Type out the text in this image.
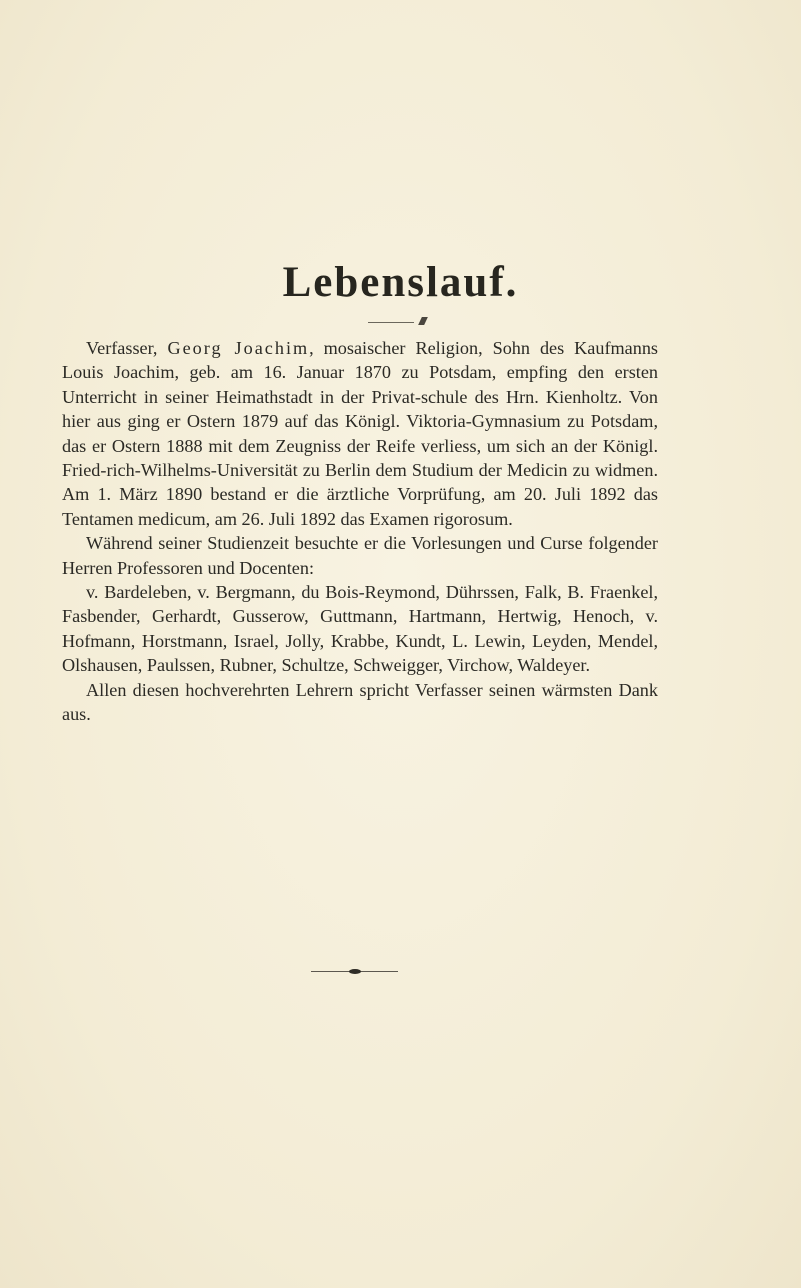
Lebenslauf.

Verfasser, Georg Joachim, mosaischer Religion, Sohn des Kaufmanns Louis Joachim, geb. am 16. Januar 1870 zu Potsdam, empfing den ersten Unterricht in seiner Heimathstadt in der Privat-schule des Hrn. Kienholtz. Von hier aus ging er Ostern 1879 auf das Königl. Viktoria-Gymnasium zu Potsdam, das er Ostern 1888 mit dem Zeugniss der Reife verliess, um sich an der Königl. Fried-rich-Wilhelms-Universität zu Berlin dem Studium der Medicin zu widmen. Am 1. März 1890 bestand er die ärztliche Vorprüfung, am 20. Juli 1892 das Tentamen medicum, am 26. Juli 1892 das Examen rigorosum.

Während seiner Studienzeit besuchte er die Vorlesungen und Curse folgender Herren Professoren und Docenten:

v. Bardeleben, v. Bergmann, du Bois-Reymond, Dührssen, Falk, B. Fraenkel, Fasbender, Gerhardt, Gusserow, Guttmann, Hartmann, Hertwig, Henoch, v. Hofmann, Horstmann, Israel, Jolly, Krabbe, Kundt, L. Lewin, Leyden, Mendel, Olshausen, Paulssen, Rubner, Schultze, Schweigger, Virchow, Waldeyer.

Allen diesen hochverehrten Lehrern spricht Verfasser seinen wärmsten Dank aus.
